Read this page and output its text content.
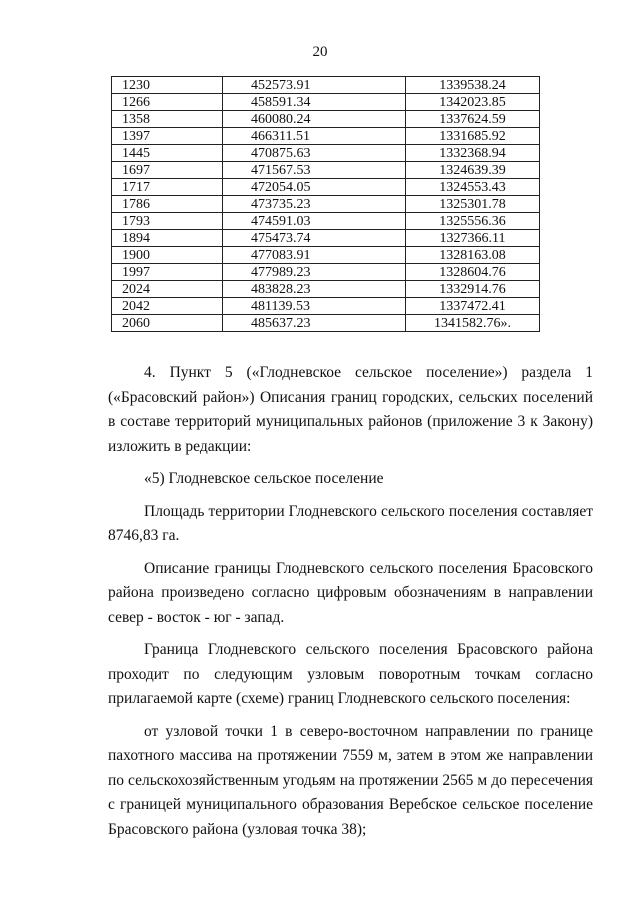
20
1230	452573.91	1339538.24
1266	458591.34	1342023.85
1358	460080.24	1337624.59
1397	466311.51	1331685.92
1445	470875.63	1332368.94
1697	471567.53	1324639.39
1717	472054.05	1324553.43
1786	473735.23	1325301.78
1793	474591.03	1325556.36
1894	475473.74	1327366.11
1900	477083.91	1328163.08
1997	477989.23	1328604.76
2024	483828.23	1332914.76
2042	481139.53	1337472.41
2060	485637.23	1341582.76».

4. Пункт 5 («Глодневское сельское поселение») раздела 1 («Брасовский район») Описания границ городских, сельских поселений в составе территорий муниципальных районов (приложение 3 к Закону) изложить в редакции:

«5) Глодневское сельское поселение

Площадь территории Глодневского сельского поселения составляет 8746,83 га.

Описание границы Глодневского сельского поселения Брасовского района произведено согласно цифровым обозначениям в направлении север - восток - юг - запад.

Граница Глодневского сельского поселения Брасовского района проходит по следующим узловым поворотным точкам согласно прилагаемой карте (схеме) границ Глодневского сельского поселения:

от узловой точки 1 в северо-восточном направлении по границе пахотного массива на протяжении 7559 м, затем в этом же направлении по сельскохозяйственным угодьям на протяжении 2565 м до пересечения с границей муниципального образования Веребское сельское поселение Брасовского района (узловая точка 38);
